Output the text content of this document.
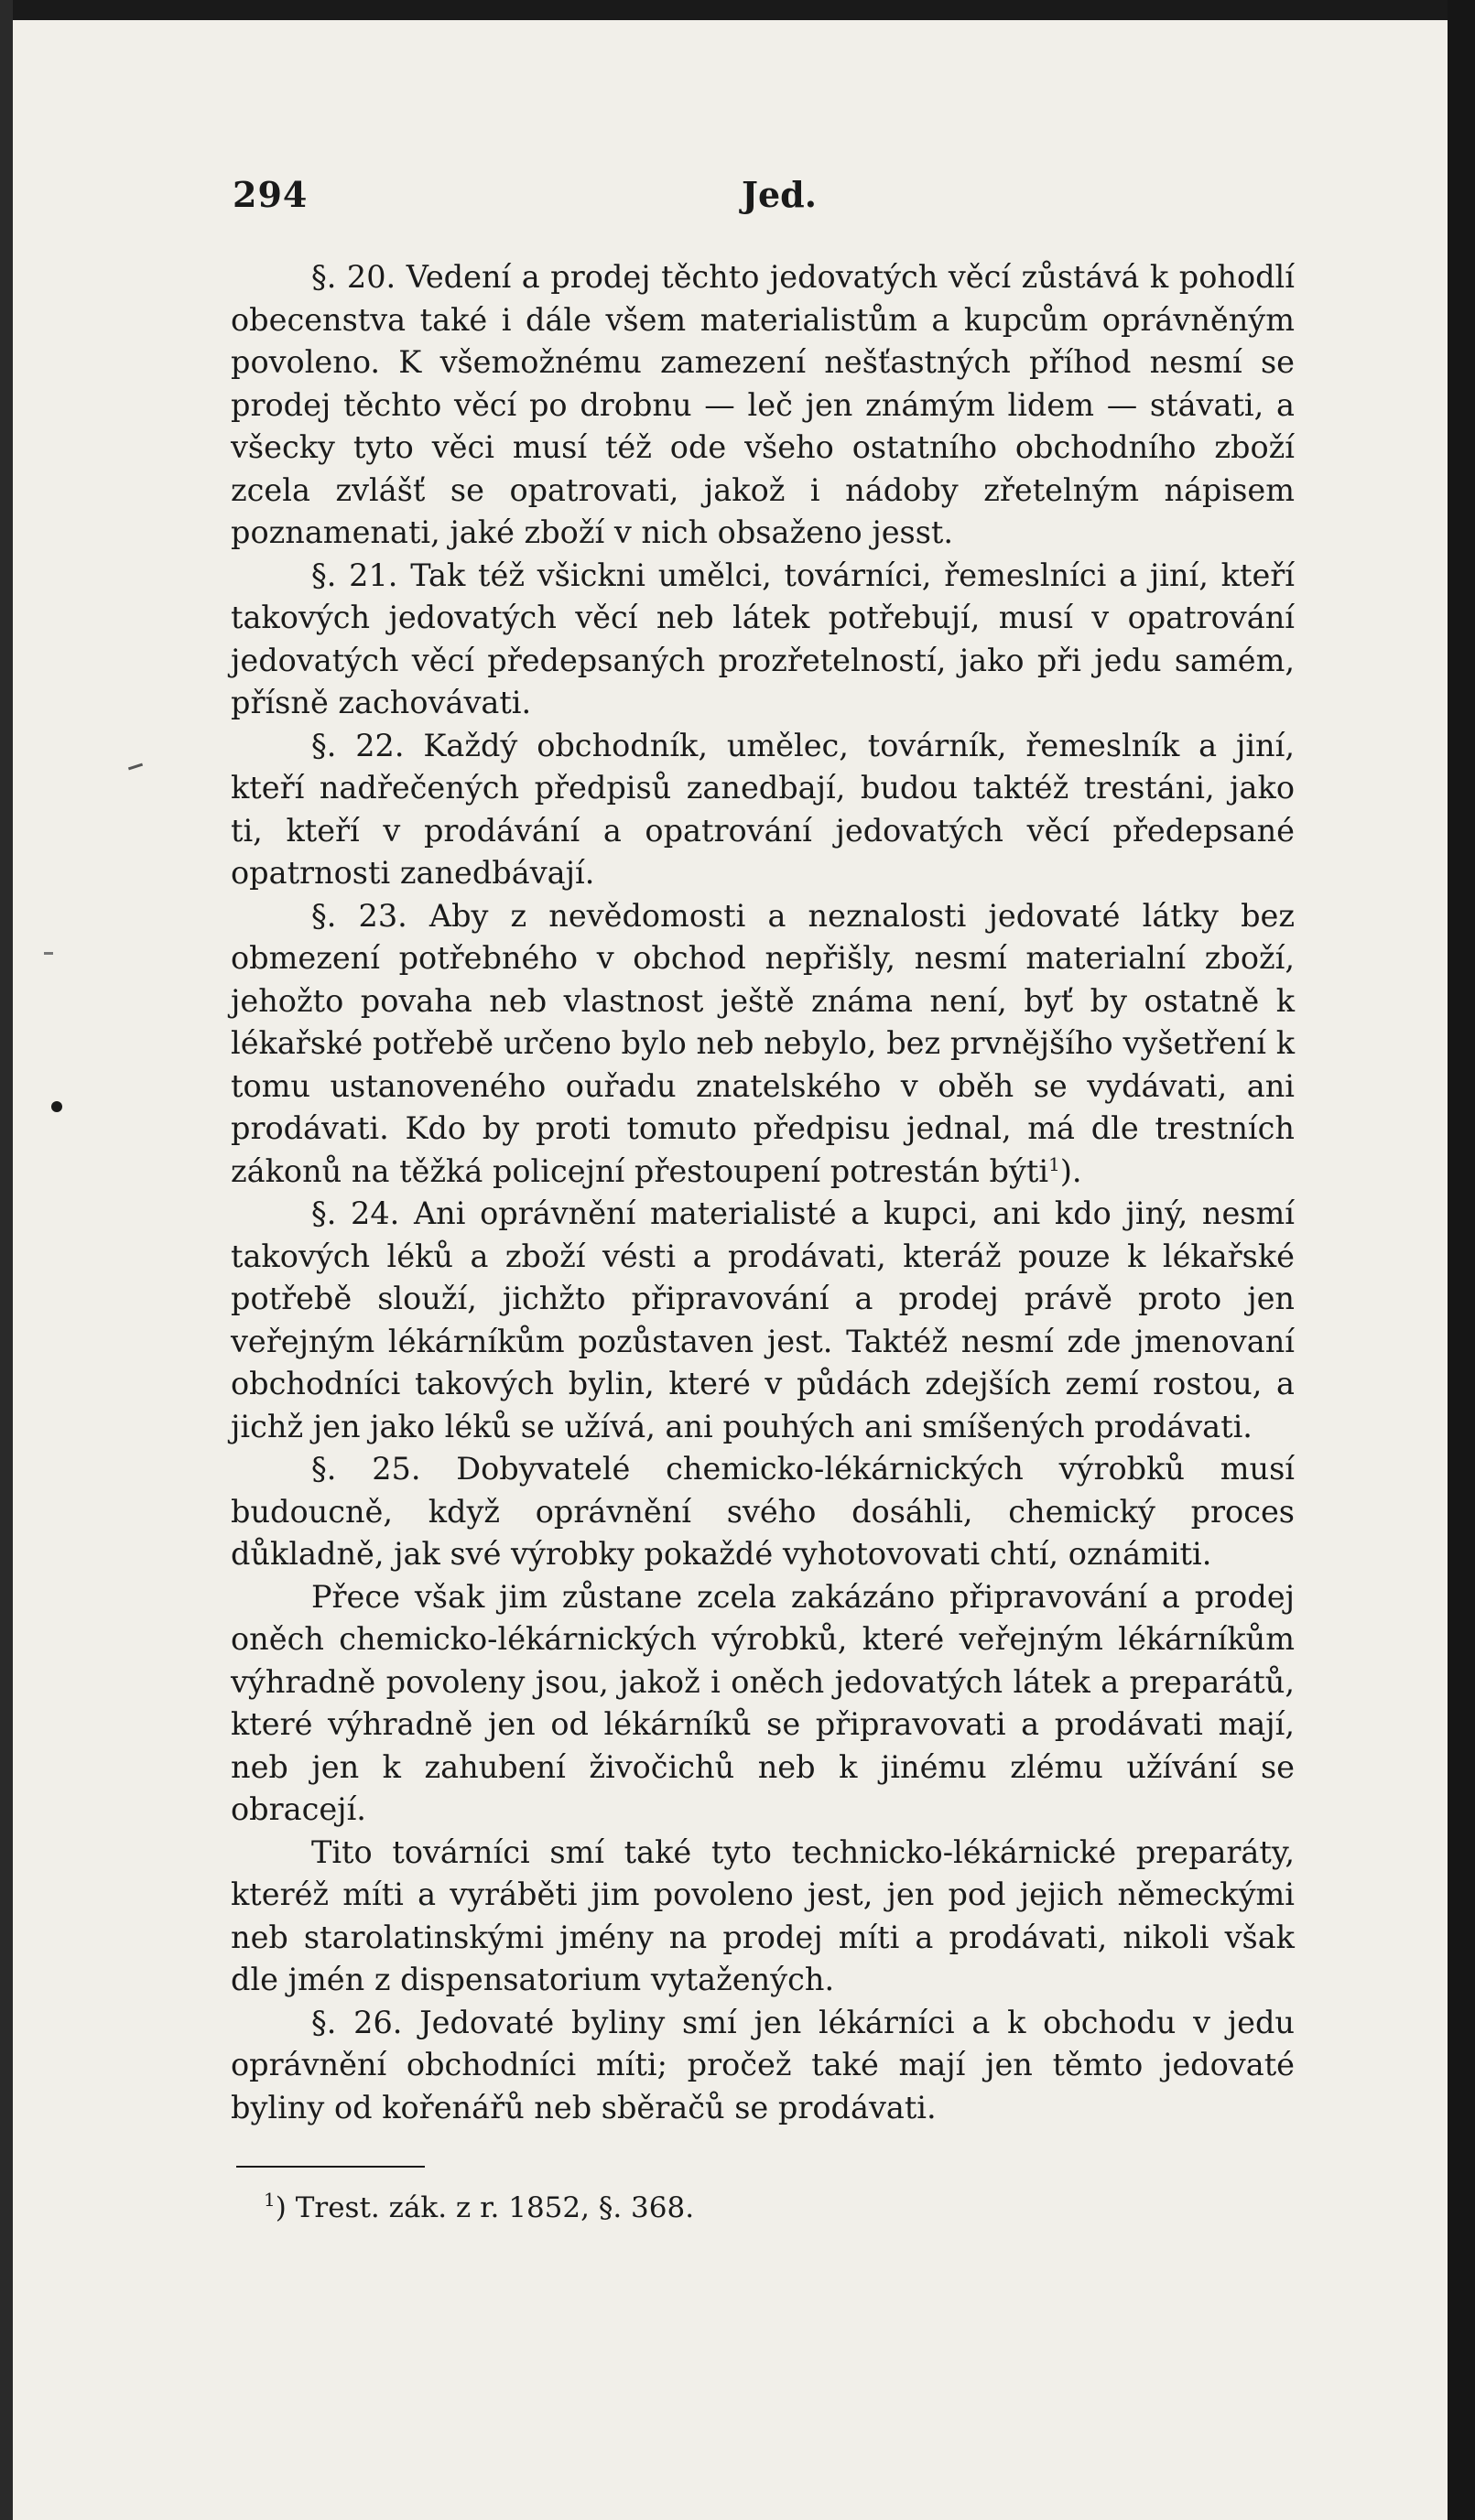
294	Jed.

§. 20. Vedení a prodej těchto jedovatých věcí zůstává k pohodlí obecenstva také i dále všem materialistům a kupcům oprávněným povoleno. K všemožnému zamezení nešťastných příhod nesmí se prodej těchto věcí po drobnu — leč jen známým lidem — stávati, a všecky tyto věci musí též ode všeho ostatního obchodního zboží zcela zvlášť se opatrovati, jakož i nádoby zřetelným nápisem poznamenati, jaké zboží v nich obsaženo jesst.

§. 21. Tak též všickni umělci, továrníci, řemeslníci a jiní, kteří takových jedovatých věcí neb látek potřebují, musí v opatrování jedovatých věcí předepsaných prozřetelností, jako při jedu samém, přísně zachovávati.

§. 22. Každý obchodník, umělec, továrník, řemeslník a jiní, kteří nadřečených předpisů zanedbají, budou taktéž trestáni, jako ti, kteří v prodávání a opatrování jedovatých věcí předepsané opatrnosti zanedbávají.

§. 23. Aby z nevědomosti a neznalosti jedovaté látky bez obmezení potřebného v obchod nepřišly, nesmí materialní zboží, jehožto povaha neb vlastnost ještě známa není, byť by ostatně k lékařské potřebě určeno bylo neb nebylo, bez prvnějšího vyšetření k tomu ustanoveného ouřadu znatelského v oběh se vydávati, ani prodávati. Kdo by proti tomuto předpisu jednal, má dle trestních zákonů na těžká policejní přestoupení potrestán býti$^1$).

§. 24. Ani oprávnění materialisté a kupci, ani kdo jiný, nesmí takových léků a zboží vésti a prodávati, kteráž pouze k lékařské potřebě slouží, jichžto připravování a prodej právě proto jen veřejným lékárníkům pozůstaven jest. Taktéž nesmí zde jmenovaní obchodníci takových bylin, které v půdách zdejších zemí rostou, a jichž jen jako léků se užívá, ani pouhých ani smíšených prodávati.

§. 25. Dobyvatelé chemicko-lékárnických výrobků musí budoucně, když oprávnění svého dosáhli, chemický proces důkladně, jak své výrobky pokaždé vyhotovovati chtí, oznámiti.

Přece však jim zůstane zcela zakázáno připravování a prodej oněch chemicko-lékárnických výrobků, které veřejným lékárníkům výhradně povoleny jsou, jakož i oněch jedovatých látek a preparátů, které výhradně jen od lékárníků se připravovati a prodávati mají, neb jen k zahubení živočichů neb k jinému zlému užívání se obracejí.

Tito továrníci smí také tyto technicko-lékárnické preparáty, kteréž míti a vyráběti jim povoleno jest, jen pod jejich německými neb starolatinskými jmény na prodej míti a prodávati, nikoli však dle jmén z dispensatorium vytažených.

§. 26. Jedovaté byliny smí jen lékárníci a k obchodu v jedu oprávnění obchodníci míti; pročež také mají jen těmto jedovaté byliny od kořenářů neb sběračů se prodávati.

$^1$) Trest. zák. z r. 1852, §. 368.
